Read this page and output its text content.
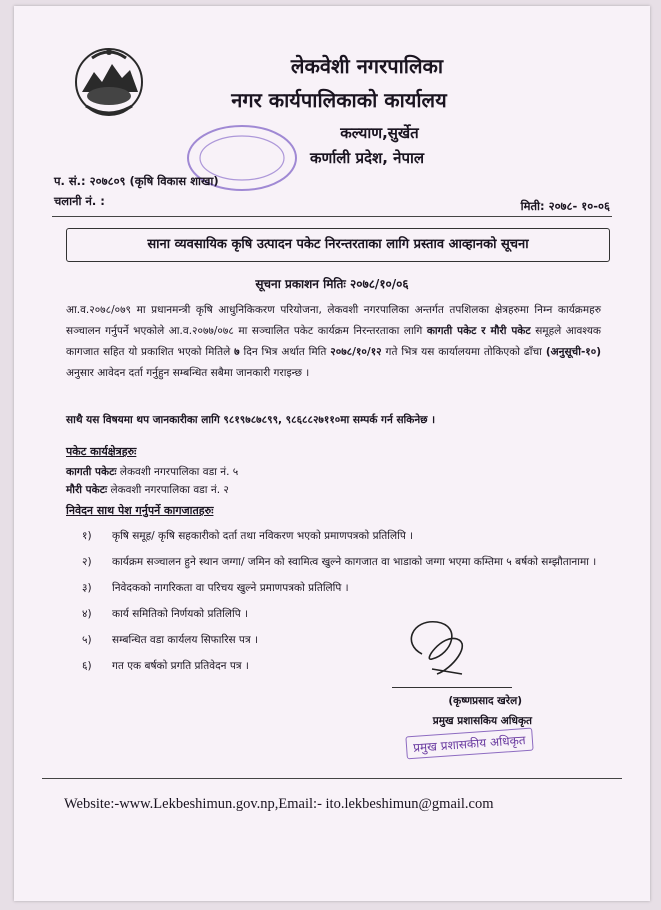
लेकवेशी नगरपालिका
नगर कार्यपालिकाको कार्यालय
कल्याण,सुर्खेत
कर्णाली प्रदेश, नेपाल
प. सं.: २०७८०९ (कृषि विकास शाखा)
चलानी नं. :	मिती: २०७८- १०-०६
साना व्यवसायिक कृषि उत्पादन पकेट निरन्तरताका लागि प्रस्ताव आव्हानको सूचना
सूचना प्रकाशन मितिः २०७८/१०/०६
आ.व.२०७८/०७९ मा प्रधानमन्त्री कृषि आधुनिकिकरण परियोजना, लेकवशी नगरपालिका अन्तर्गत तपशिलका क्षेत्रहरुमा निम्न कार्यक्रमहरु सञ्चालन गर्नुपर्ने भएकोले आ.व.२०७७/०७८ मा सञ्चालित पकेट कार्यक्रम निरन्तरताका लागि कागती पकेट र मौरी पकेट समूहले आवश्यक कागजात सहित यो प्रकाशित भएको मितिले ७ दिन भित्र अर्थात मिति २०७८/१०/१२ गते भित्र यस कार्यालयमा तोकिएको ढाँचा (अनुसूची-१०) अनुसार आवेदन दर्ता गर्नुहुन सम्बन्धित सबैमा जानकारी गराइन्छ ।
साथै यस विषयमा थप जानकारीका लागि ९८१९७८७८९९, ९८६८८२७११०मा सम्पर्क गर्न सकिनेछ ।
पकेट कार्यक्षेत्रहरुः
कागती पकेटः लेकवशी नगरपालिका वडा नं. ५
मौरी पकेटः लेकवशी नगरपालिका वडा नं. २
निवेदन साथ पेश गर्नुपर्ने कागजातहरुः
१)	कृषि समूह/ कृषि सहकारीको दर्ता तथा नविकरण भएको प्रमाणपत्रको प्रतिलिपि ।
२)	कार्यक्रम सञ्चालन हुने स्थान जग्गा/ जमिन को स्वामित्व खुल्ने कागजात वा भाडाको जग्गा भएमा कम्तिमा ५ बर्षको सम्झौतानामा ।
३)	निवेदकको नागरिकता वा परिचय खुल्ने प्रमाणपत्रको प्रतिलिपि ।
४)	कार्य समितिको निर्णयको प्रतिलिपि ।
५)	सम्बन्धित वडा कार्यलय सिफारिस पत्र ।
६)	गत एक बर्षको प्रगति प्रतिवेदन पत्र ।
(कृष्णप्रसाद खरेल)
प्रमुख प्रशासकिय अधिकृत
प्रमुख प्रशासकीय अधिकृत
Website:-www.Lekbeshimun.gov.np,Email:- ito.lekbeshimun@gmail.com
